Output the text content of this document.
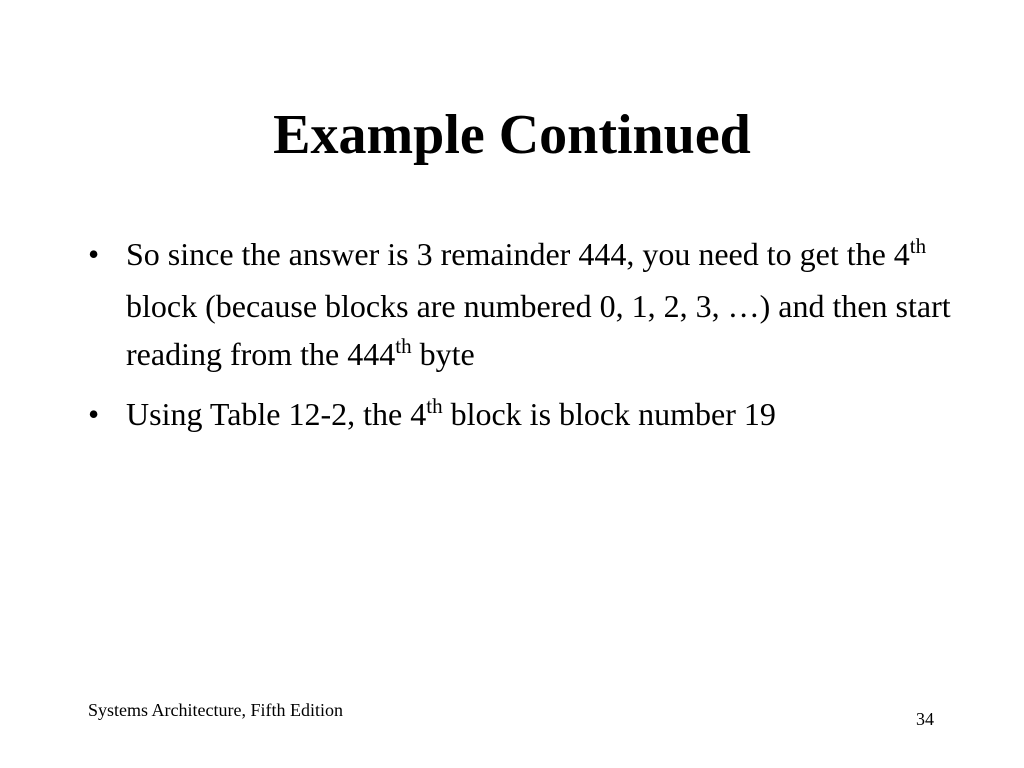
Example Continued
• So since the answer is 3 remainder 444, you need to get the 4th block (because blocks are numbered 0, 1, 2, 3, …) and then start reading from the 444th byte
• Using Table 12-2, the 4th block is block number 19
Systems Architecture, Fifth Edition	34
